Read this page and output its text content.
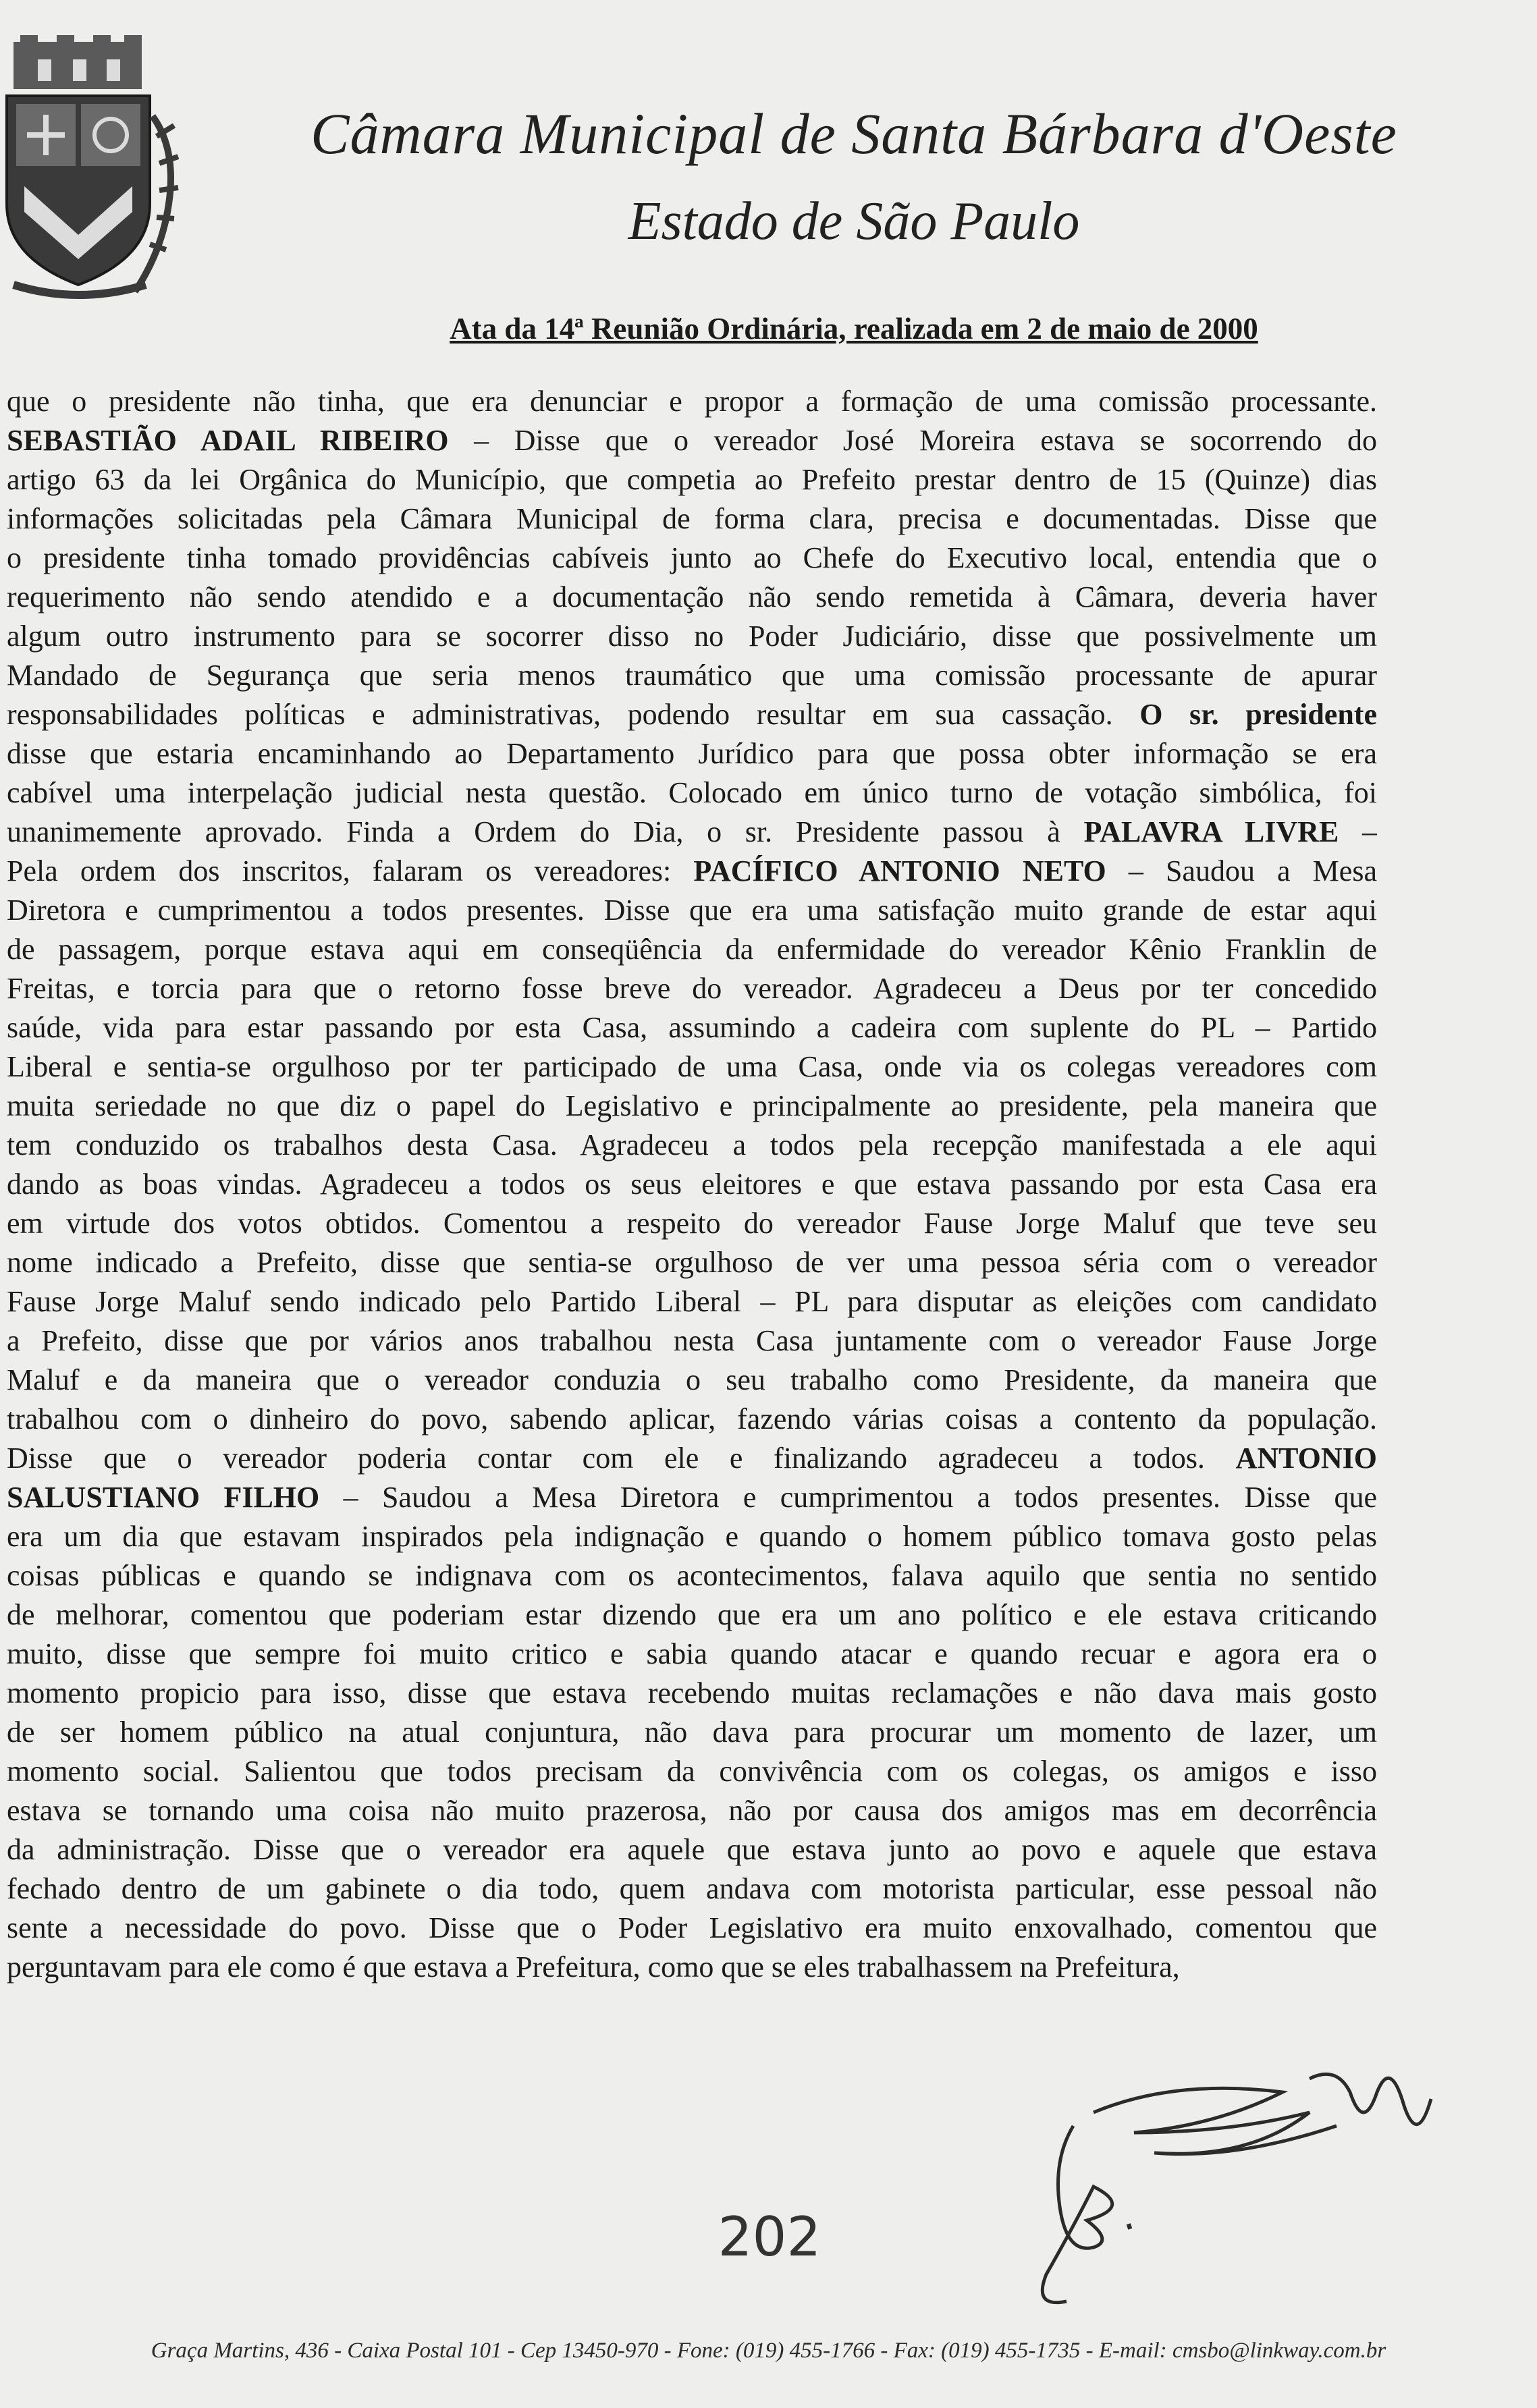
Câmara Municipal de Santa Bárbara d'Oeste
Estado de São Paulo
Ata da 14ª Reunião Ordinária, realizada em 2 de maio de 2000
que o presidente não tinha, que era denunciar e propor a formação de uma comissão processante.
SEBASTIÃO ADAIL RIBEIRO – Disse que o vereador José Moreira estava se socorrendo do
artigo 63 da lei Orgânica do Município, que competia ao Prefeito prestar dentro de 15 (Quinze) dias
informações solicitadas pela Câmara Municipal de forma clara, precisa e documentadas. Disse que
o presidente tinha tomado providências cabíveis junto ao Chefe do Executivo local, entendia que o
requerimento não sendo atendido e a documentação não sendo remetida à Câmara, deveria haver
algum outro instrumento para se socorrer disso no Poder Judiciário, disse que possivelmente um
Mandado de Segurança que seria menos traumático que uma comissão processante de apurar
responsabilidades políticas e administrativas, podendo resultar em sua cassação. O sr. presidente
disse que estaria encaminhando ao Departamento Jurídico para que possa obter informação se era
cabível uma interpelação judicial nesta questão. Colocado em único turno de votação simbólica, foi
unanimemente aprovado. Finda a Ordem do Dia, o sr. Presidente passou à PALAVRA LIVRE –
Pela ordem dos inscritos, falaram os vereadores: PACÍFICO ANTONIO NETO – Saudou a Mesa
Diretora e cumprimentou a todos presentes. Disse que era uma satisfação muito grande de estar aqui
de passagem, porque estava aqui em conseqüência da enfermidade do vereador Kênio Franklin de
Freitas, e torcia para que o retorno fosse breve do vereador. Agradeceu a Deus por ter concedido
saúde, vida para estar passando por esta Casa, assumindo a cadeira com suplente do PL – Partido
Liberal e sentia-se orgulhoso por ter participado de uma Casa, onde via os colegas vereadores com
muita seriedade no que diz o papel do Legislativo e principalmente ao presidente, pela maneira que
tem conduzido os trabalhos desta Casa. Agradeceu a todos pela recepção manifestada a ele aqui
dando as boas vindas. Agradeceu a todos os seus eleitores e que estava passando por esta Casa era
em virtude dos votos obtidos. Comentou a respeito do vereador Fause Jorge Maluf que teve seu
nome indicado a Prefeito, disse que sentia-se orgulhoso de ver uma pessoa séria com o vereador
Fause Jorge Maluf sendo indicado pelo Partido Liberal – PL para disputar as eleições com candidato
a Prefeito, disse que por vários anos trabalhou nesta Casa juntamente com o vereador Fause Jorge
Maluf e da maneira que o vereador conduzia o seu trabalho como Presidente, da maneira que
trabalhou com o dinheiro do povo, sabendo aplicar, fazendo várias coisas a contento da população.
Disse que o vereador poderia contar com ele e finalizando agradeceu a todos. ANTONIO
SALUSTIANO FILHO – Saudou a Mesa Diretora e cumprimentou a todos presentes. Disse que
era um dia que estavam inspirados pela indignação e quando o homem público tomava gosto pelas
coisas públicas e quando se indignava com os acontecimentos, falava aquilo que sentia no sentido
de melhorar, comentou que poderiam estar dizendo que era um ano político e ele estava criticando
muito, disse que sempre foi muito critico e sabia quando atacar e quando recuar e agora era o
momento propicio para isso, disse que estava recebendo muitas reclamações e não dava mais gosto
de ser homem público na atual conjuntura, não dava para procurar um momento de lazer, um
momento social. Salientou que todos precisam da convivência com os colegas, os amigos e isso
estava se tornando uma coisa não muito prazerosa, não por causa dos amigos mas em decorrência
da administração. Disse que o vereador era aquele que estava junto ao povo e aquele que estava
fechado dentro de um gabinete o dia todo, quem andava com motorista particular, esse pessoal não
sente a necessidade do povo. Disse que o Poder Legislativo era muito enxovalhado, comentou que
perguntavam para ele como é que estava a Prefeitura, como que se eles trabalhassem na Prefeitura,
202
Graça Martins, 436 - Caixa Postal 101 - Cep 13450-970 - Fone: (019) 455-1766 - Fax: (019) 455-1735 - E-mail: cmsbo@linkway.com.br
